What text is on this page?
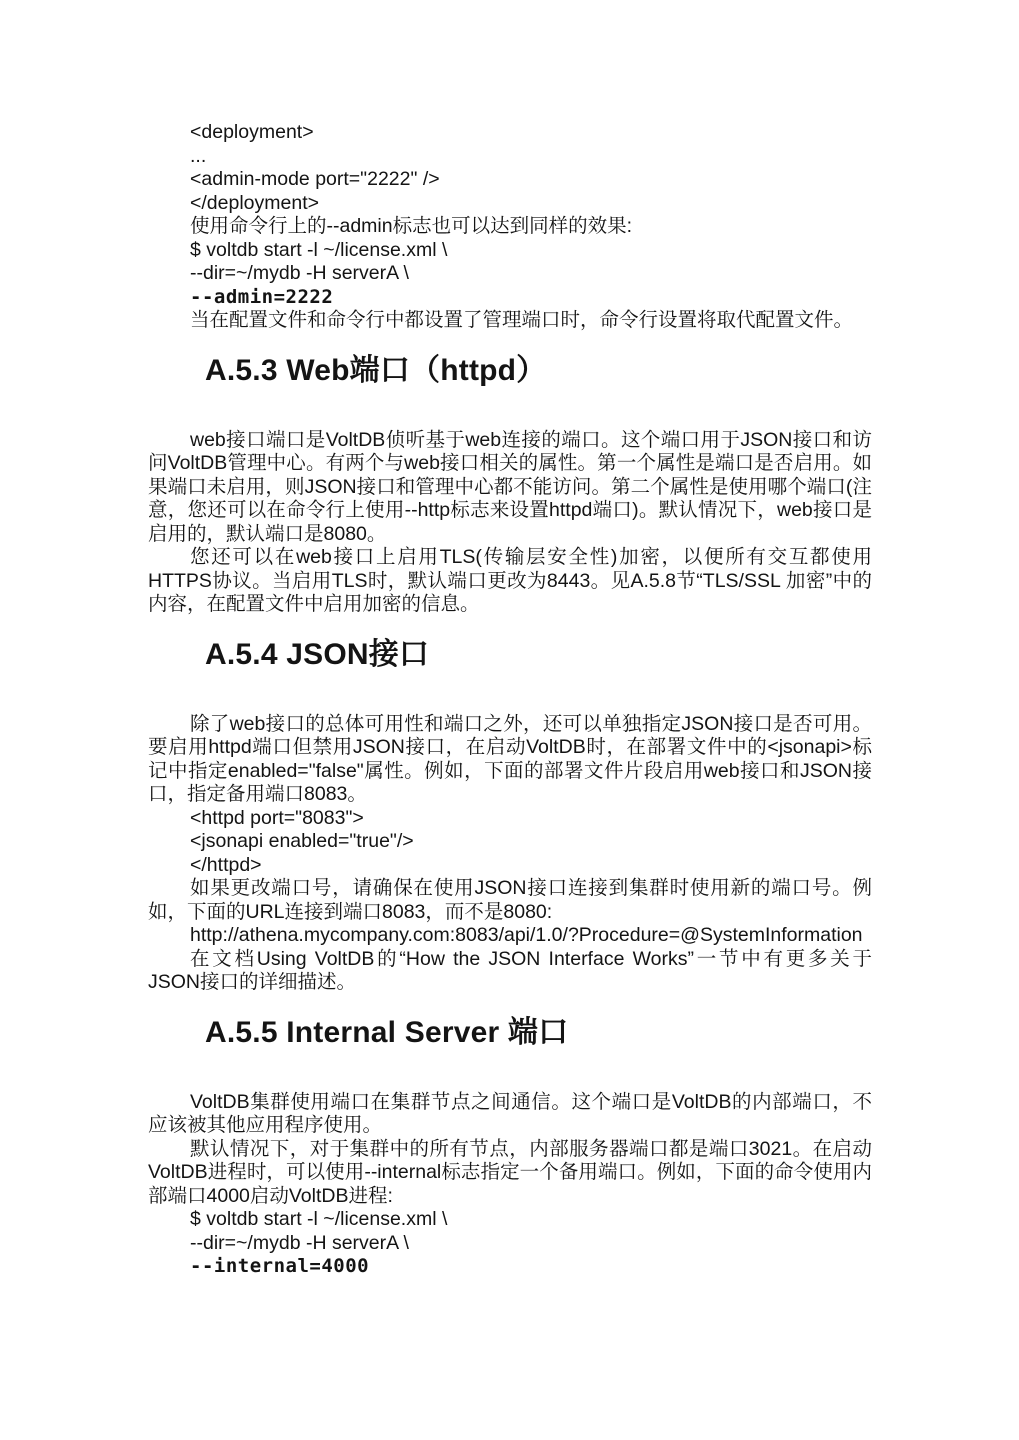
<deployment>
...
<admin-mode port="2222" />
</deployment>
使用命令行上的--admin标志也可以达到同样的效果:
$ voltdb start -l ~/license.xml \
--dir=~/mydb -H serverA \
--admin=2222
当在配置文件和命令行中都设置了管理端口时，命令行设置将取代配置文件。
A.5.3 Web端口（httpd）

web接口端口是VoltDB侦听基于web连接的端口。这个端口用于JSON接口和访问VoltDB管理中心。有两个与web接口相关的属性。第一个属性是端口是否启用。如果端口未启用，则JSON接口和管理中心都不能访问。第二个属性是使用哪个端口(注意，您还可以在命令行上使用--http标志来设置httpd端口)。默认情况下，web接口是启用的，默认端口是8080。

您还可以在web接口上启用TLS(传输层安全性)加密，以便所有交互都使用HTTPS协议。当启用TLS时，默认端口更改为8443。见A.5.8节“TLS/SSL 加密”中的内容，在配置文件中启用加密的信息。

A.5.4 JSON接口

除了web接口的总体可用性和端口之外，还可以单独指定JSON接口是否可用。要启用httpd端口但禁用JSON接口，在启动VoltDB时，在部署文件中的<jsonapi>标记中指定enabled="false"属性。例如，下面的部署文件片段启用web接口和JSON接口，指定备用端口8083。

<httpd port="8083">
<jsonapi enabled="true"/>
</httpd>

如果更改端口号，请确保在使用JSON接口连接到集群时使用新的端口号。例如，下面的URL连接到端口8083，而不是8080:

http://athena.mycompany.com:8083/api/1.0/?Procedure=@SystemInformation

在文档Using VoltDB的“How the JSON Interface Works”一节中有更多关于JSON接口的详细描述。

A.5.5 Internal Server 端口

VoltDB集群使用端口在集群节点之间通信。这个端口是VoltDB的内部端口，不应该被其他应用程序使用。

默认情况下，对于集群中的所有节点，内部服务器端口都是端口3021。在启动VoltDB进程时，可以使用--internal标志指定一个备用端口。例如，下面的命令使用内部端口4000启动VoltDB进程:

$ voltdb start -l ~/license.xml \
--dir=~/mydb -H serverA \
--internal=4000
